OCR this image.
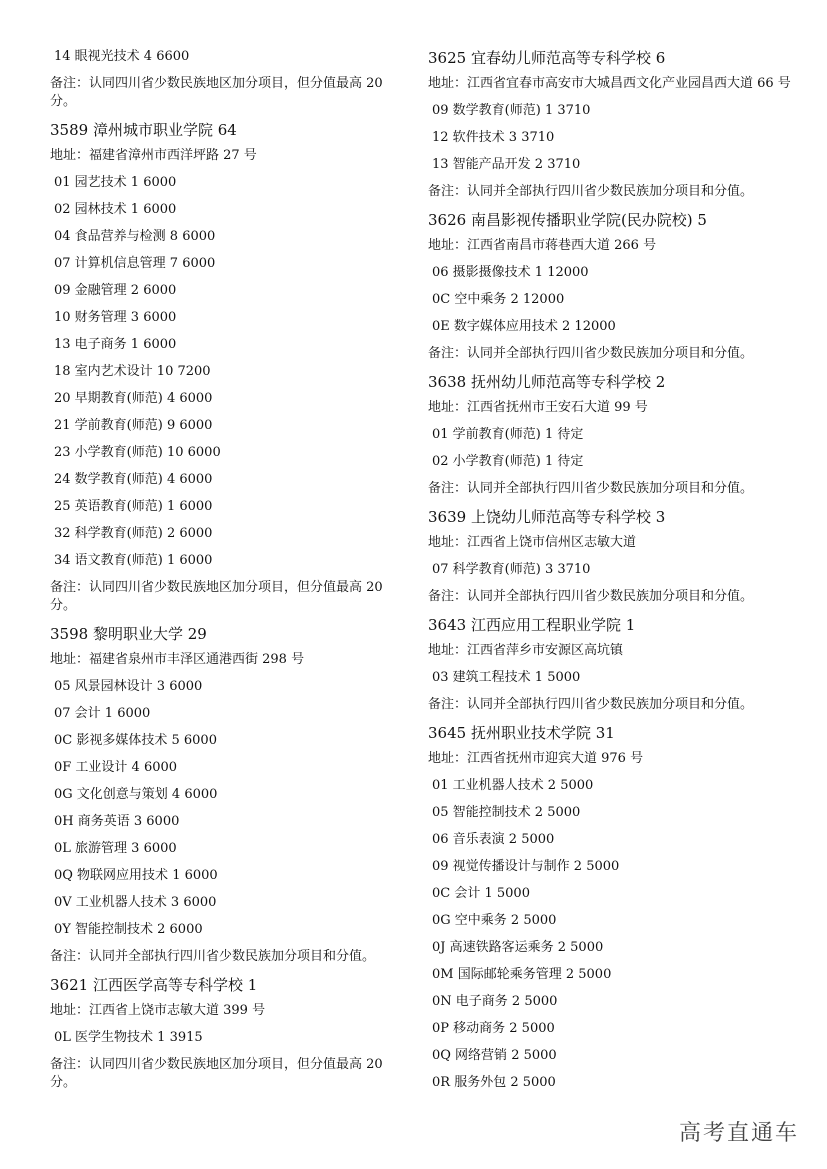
14 眼视光技术 4 6600
备注：认同四川省少数民族地区加分项目，但分值最高 20 分。
3589 漳州城市职业学院 64
地址：福建省漳州市西洋坪路 27 号
01 园艺技术 1 6000
02 园林技术 1 6000
04 食品营养与检测 8 6000
07 计算机信息管理 7 6000
09 金融管理 2 6000
10 财务管理 3 6000
13 电子商务 1 6000
18 室内艺术设计 10 7200
20 早期教育(师范) 4 6000
21 学前教育(师范) 9 6000
23 小学教育(师范) 10 6000
24 数学教育(师范) 4 6000
25 英语教育(师范) 1 6000
32 科学教育(师范) 2 6000
34 语文教育(师范) 1 6000
备注：认同四川省少数民族地区加分项目，但分值最高 20 分。
3598 黎明职业大学 29
地址：福建省泉州市丰泽区通港西街 298 号
05 风景园林设计 3 6000
07 会计 1 6000
0C 影视多媒体技术 5 6000
0F 工业设计 4 6000
0G 文化创意与策划 4 6000
0H 商务英语 3 6000
0L 旅游管理 3 6000
0Q 物联网应用技术 1 6000
0V 工业机器人技术 3 6000
0Y 智能控制技术 2 6000
备注：认同并全部执行四川省少数民族加分项目和分值。
3621 江西医学高等专科学校 1
地址：江西省上饶市志敏大道 399 号
0L 医学生物技术 1 3915
备注：认同四川省少数民族地区加分项目，但分值最高 20 分。
3625 宜春幼儿师范高等专科学校 6
地址：江西省宜春市高安市大城昌西文化产业园昌西大道 66 号
09 数学教育(师范) 1 3710
12 软件技术 3 3710
13 智能产品开发 2 3710
备注：认同并全部执行四川省少数民族加分项目和分值。
3626 南昌影视传播职业学院(民办院校) 5
地址：江西省南昌市蒋巷西大道 266 号
06 摄影摄像技术 1 12000
0C 空中乘务 2 12000
0E 数字媒体应用技术 2 12000
备注：认同并全部执行四川省少数民族加分项目和分值。
3638 抚州幼儿师范高等专科学校 2
地址：江西省抚州市王安石大道 99 号
01 学前教育(师范) 1 待定
02 小学教育(师范) 1 待定
备注：认同并全部执行四川省少数民族加分项目和分值。
3639 上饶幼儿师范高等专科学校 3
地址：江西省上饶市信州区志敏大道
07 科学教育(师范) 3 3710
备注：认同并全部执行四川省少数民族加分项目和分值。
3643 江西应用工程职业学院 1
地址：江西省萍乡市安源区高坑镇
03 建筑工程技术 1 5000
备注：认同并全部执行四川省少数民族加分项目和分值。
3645 抚州职业技术学院 31
地址：江西省抚州市迎宾大道 976 号
01 工业机器人技术 2 5000
05 智能控制技术 2 5000
06 音乐表演 2 5000
09 视觉传播设计与制作 2 5000
0C 会计 1 5000
0G 空中乘务 2 5000
0J 高速铁路客运乘务 2 5000
0M 国际邮轮乘务管理 2 5000
0N 电子商务 2 5000
0P 移动商务 2 5000
0Q 网络营销 2 5000
0R 服务外包 2 5000
高考直通车
